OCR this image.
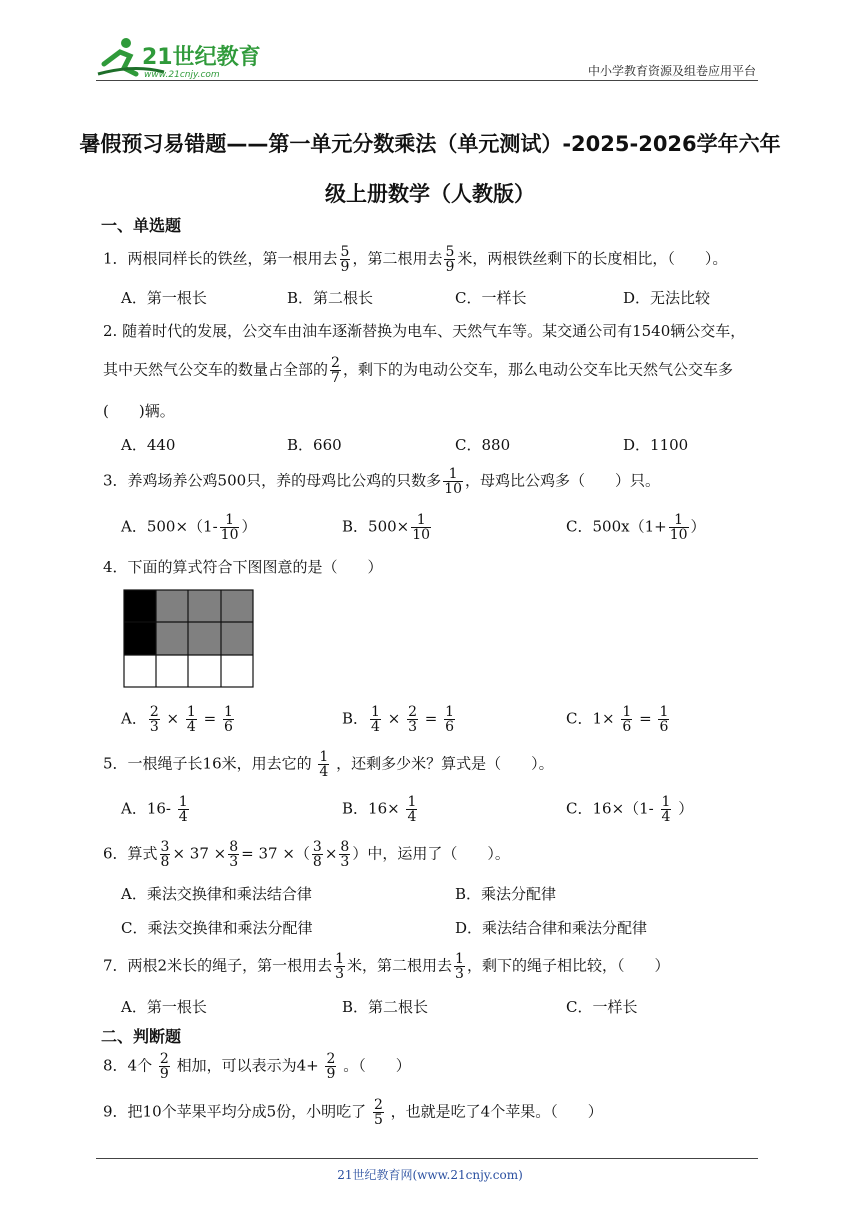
21世纪教育
www.21cnjy.com	中小学教育资源及组卷应用平台
暑假预习易错题——第一单元分数乘法（单元测试）-2025-2026学年六年
级上册数学（人教版）
一、单选题
1．两根同样长的铁丝，第一根用去 $\frac{5}{9}$ ，第二根用去 $\frac{5}{9}$ 米，两根铁丝剩下的长度相比，（　　）。
A．第一根长	B．第二根长	C．一样长	D．无法比较
2. 随着时代的发展，公交车由油车逐渐替换为电车、天然气车等。某交通公司有1540辆公交车，
其中天然气公交车的数量占全部的 $\frac{2}{7}$ ，剩下的为电动公交车，那么电动公交车比天然气公交车多
(　　)辆。
A．440	B．660	C．880	D．1100
3．养鸡场养公鸡500只，养的母鸡比公鸡的只数多 $\frac{1}{10}$ ，母鸡比公鸡多（　　）只。
A．$500\times(1- \frac{1}{10}$ ）	B．$500\times \frac{1}{10}$	C．$500x(1+ \frac{1}{10}$ ）
4．下面的算式符合下图图意的是（　　）
A． $\frac{2}{3} \times \frac{1}{4} = \frac{1}{6}$	B． $\frac{1}{4} \times \frac{2}{3} = \frac{1}{6}$	C．$1\times \frac{1}{6} = \frac{1}{6}$
5．一根绳子长16米，用去它的 $\frac{1}{4}$ ，还剩多少米？算式是（　　）。
A．$16- \frac{1}{4}$	B．$16\times \frac{1}{4}$	C．$16\times(1- \frac{1}{4}$ ）
6．算式 $\frac{3}{8} \times 37 \times \frac{8}{3} = 37$ ×（ $\frac{3}{8} \times \frac{8}{3}$ ）中，运用了（　　）。
A．乘法交换律和乘法结合律	B．乘法分配律
C．乘法交换律和乘法分配律	D．乘法结合律和乘法分配律
7．两根2米长的绳子，第一根用去 $\frac{1}{3}$ 米，第二根用去 $\frac{1}{3}$ ，剩下的绳子相比较，（　　）
A．第一根长	B．第二根长	C．一样长
二、判断题
8．4个 $\frac{2}{9}$ 相加，可以表示为$4+ \frac{2}{9}$ 。（　　）
9．把10个苹果平均分成5份，小明吃了 $\frac{2}{5}$ ，也就是吃了4个苹果。（　　）
21世纪教育网(www.21cnjy.com)
